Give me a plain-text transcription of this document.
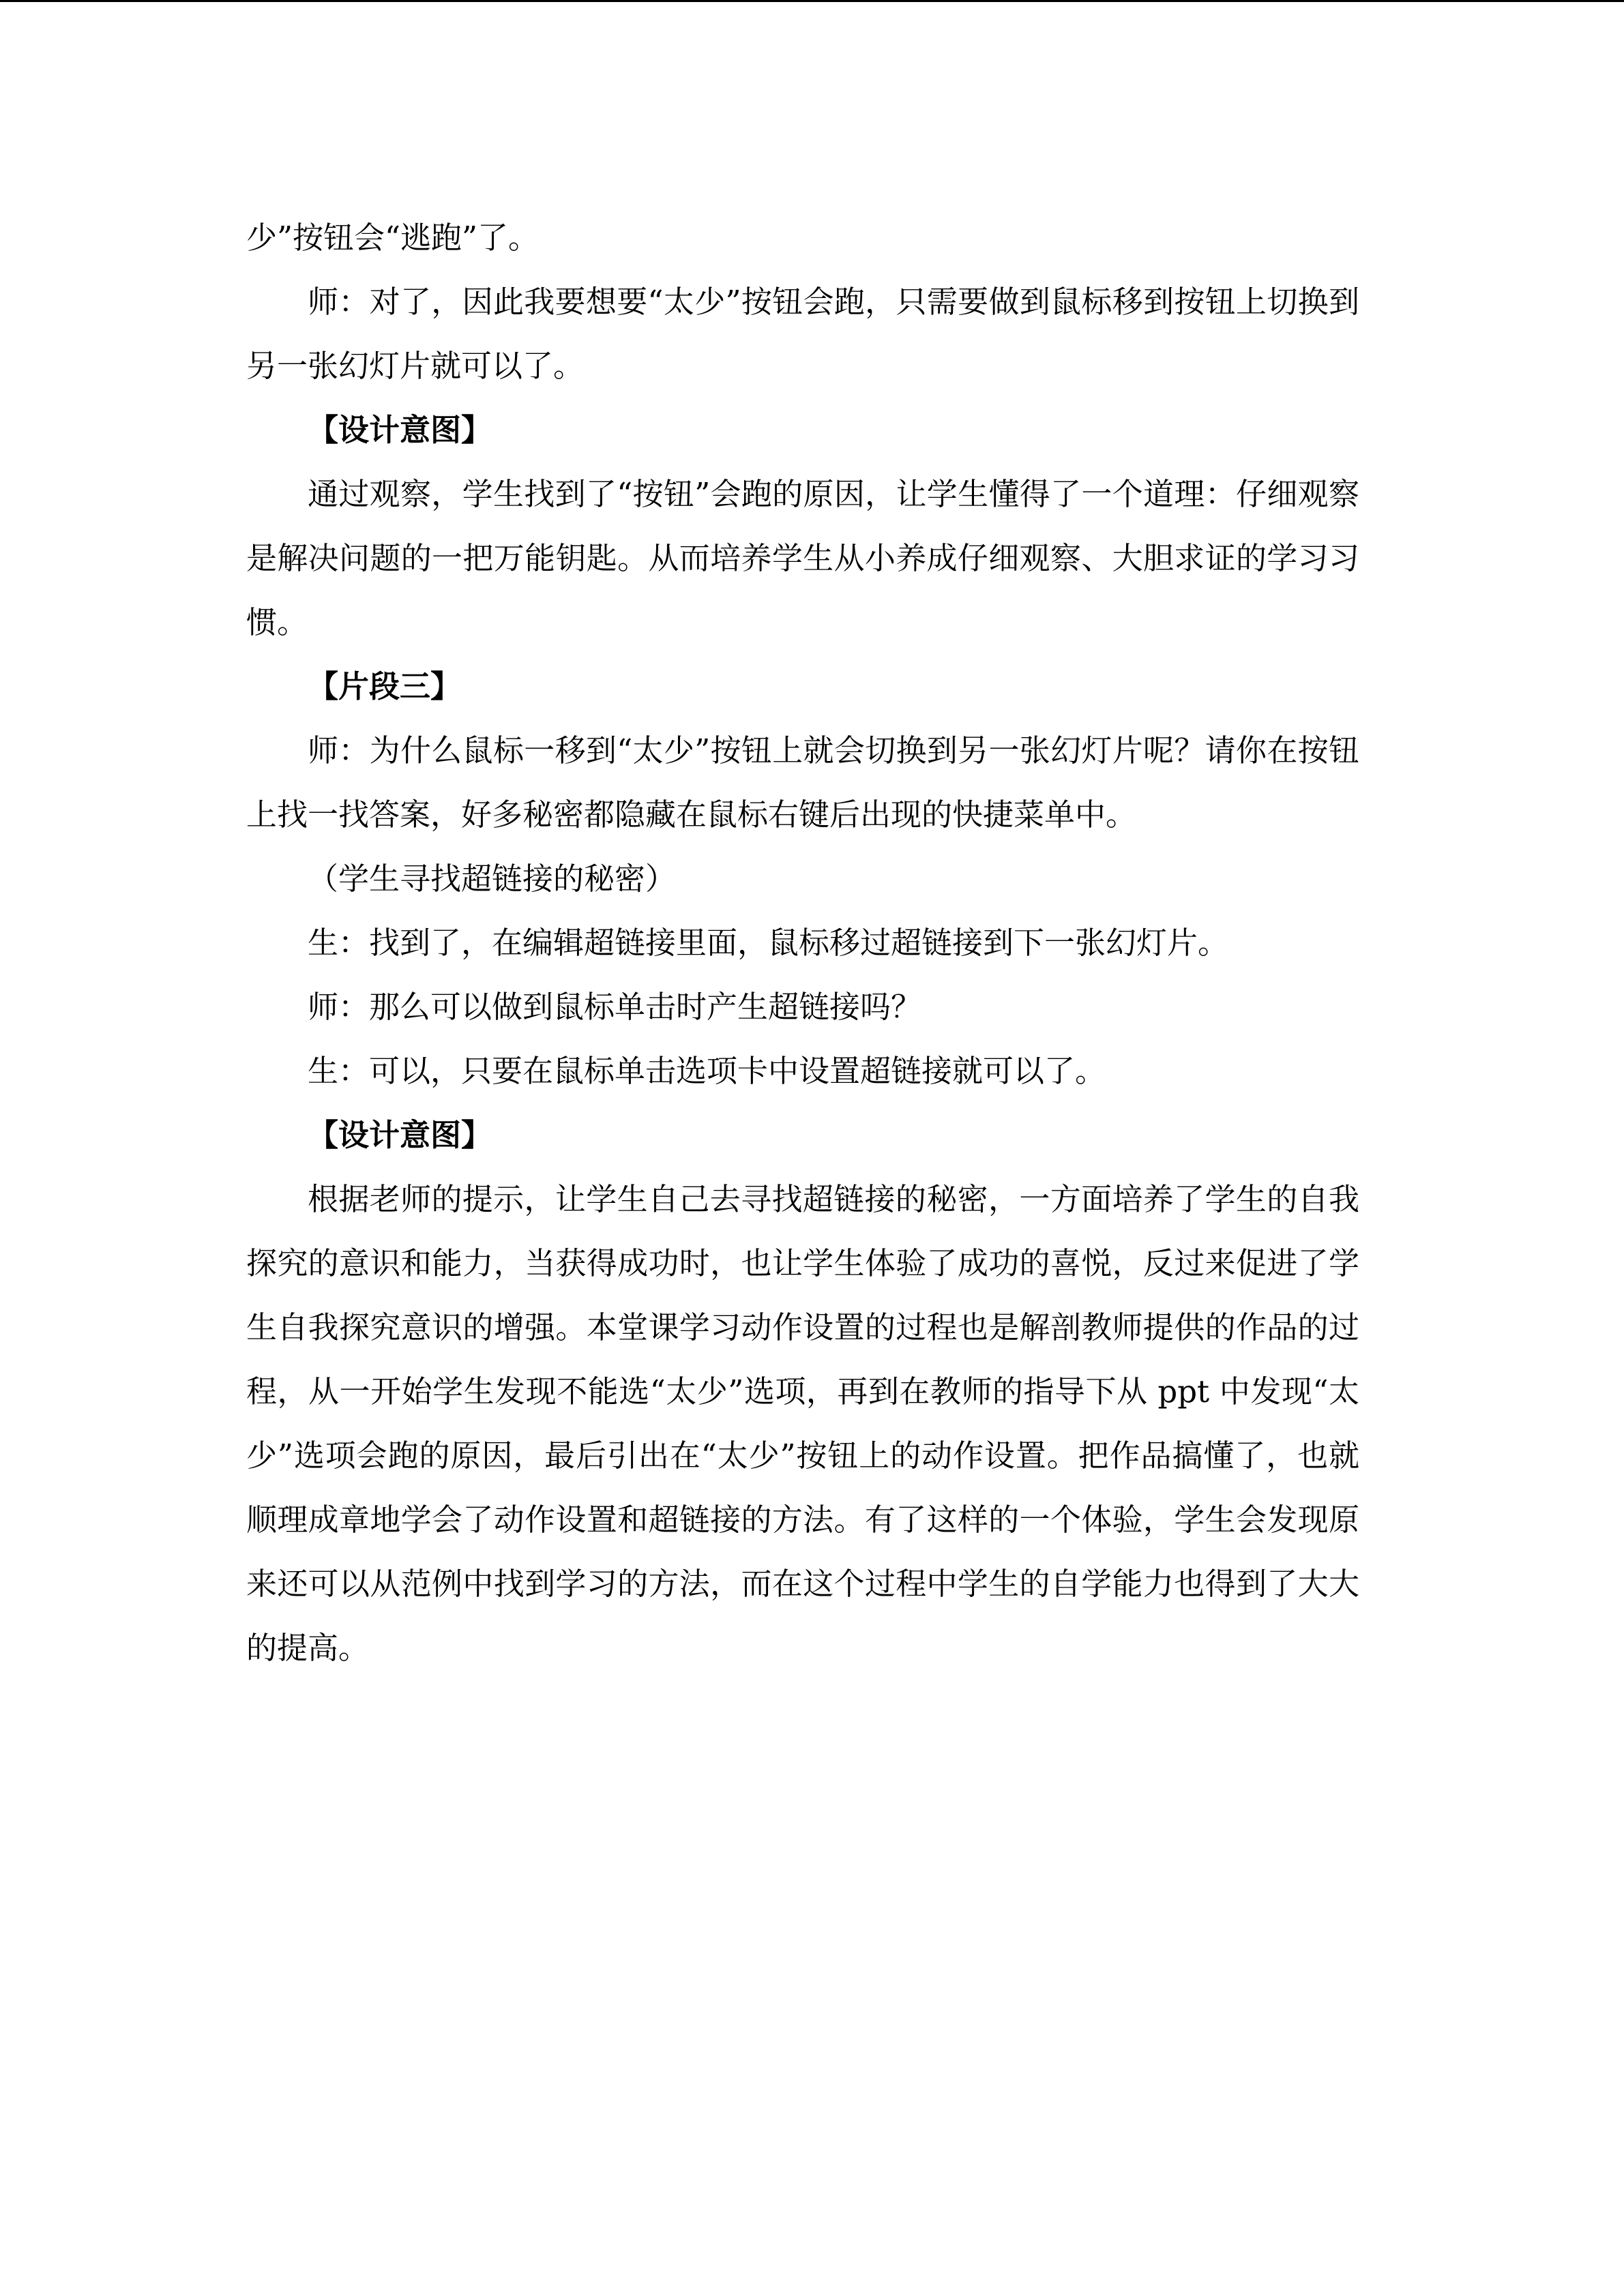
少”按钮会“逃跑”了。

师：对了，因此我要想要“太少”按钮会跑，只需要做到鼠标移到按钮上切换到另一张幻灯片就可以了。

【设计意图】

通过观察，学生找到了“按钮”会跑的原因，让学生懂得了一个道理：仔细观察是解决问题的一把万能钥匙。从而培养学生从小养成仔细观察、大胆求证的学习习惯。

【片段三】

师：为什么鼠标一移到“太少”按钮上就会切换到另一张幻灯片呢？请你在按钮上找一找答案，好多秘密都隐藏在鼠标右键后出现的快捷菜单中。

（学生寻找超链接的秘密）

生：找到了，在编辑超链接里面，鼠标移过超链接到下一张幻灯片。

师：那么可以做到鼠标单击时产生超链接吗？

生：可以，只要在鼠标单击选项卡中设置超链接就可以了。

【设计意图】

根据老师的提示，让学生自己去寻找超链接的秘密，一方面培养了学生的自我探究的意识和能力，当获得成功时，也让学生体验了成功的喜悦，反过来促进了学生自我探究意识的增强。本堂课学习动作设置的过程也是解剖教师提供的作品的过程，从一开始学生发现不能选“太少”选项，再到在教师的指导下从 ppt 中发现“太少”选项会跑的原因，最后引出在“太少”按钮上的动作设置。把作品搞懂了，也就顺理成章地学会了动作设置和超链接的方法。有了这样的一个体验，学生会发现原来还可以从范例中找到学习的方法，而在这个过程中学生的自学能力也得到了大大的提高。
